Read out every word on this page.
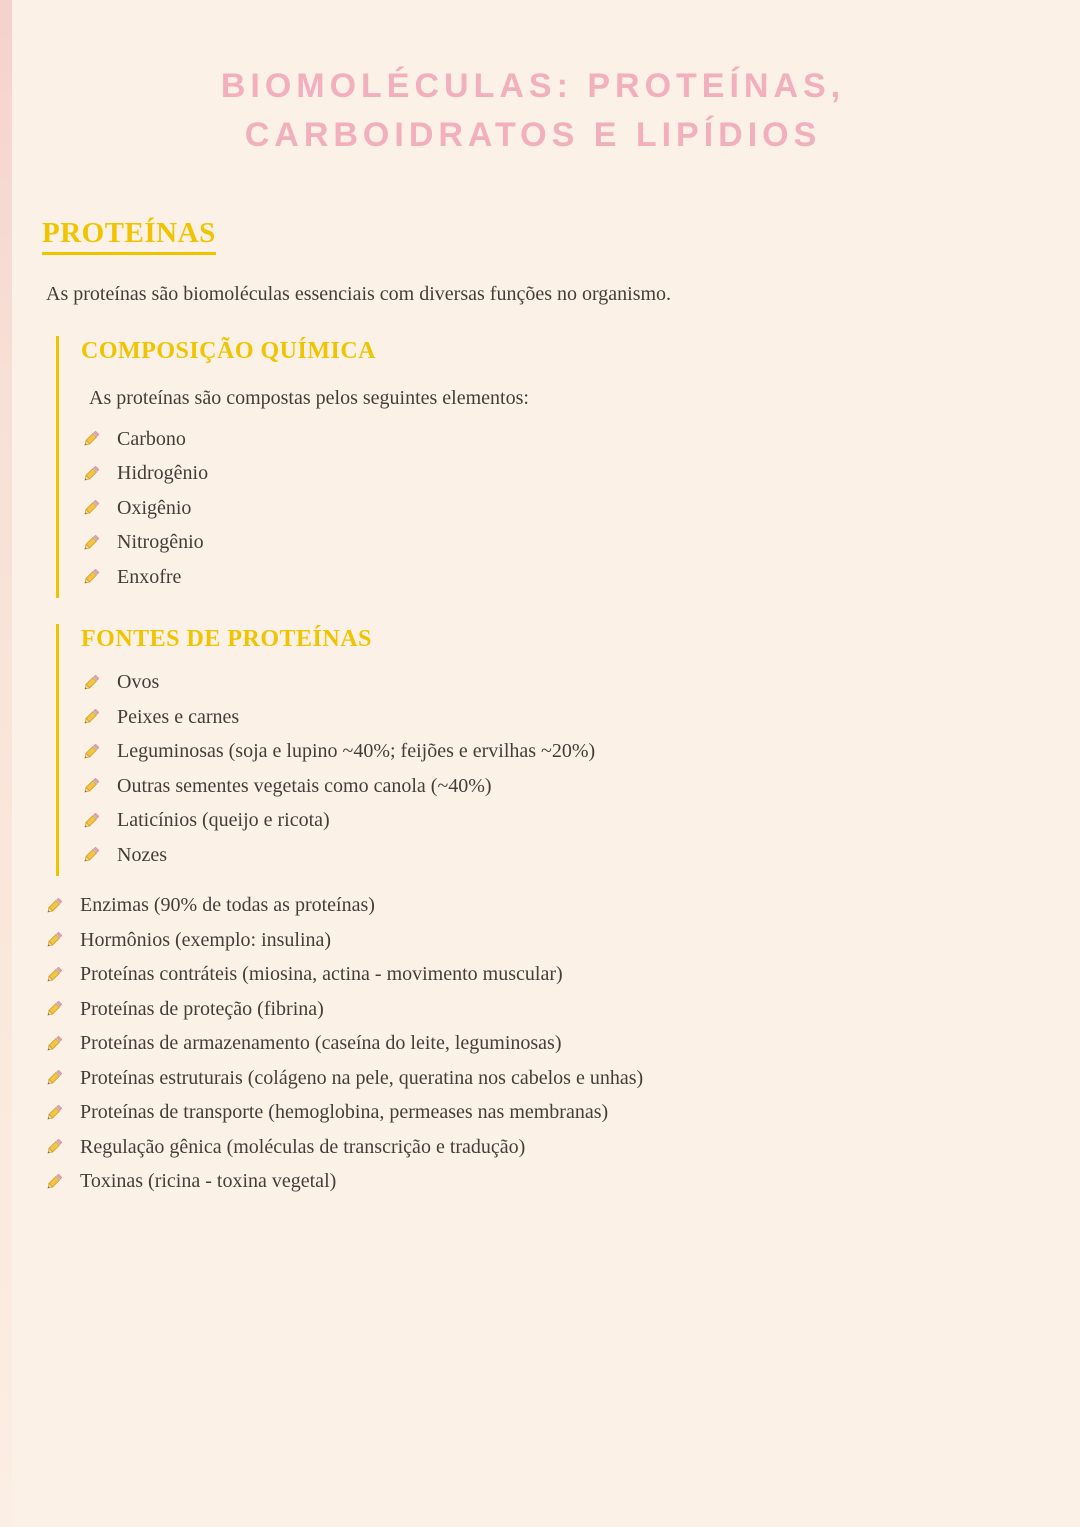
BIOMOLÉCULAS: PROTEÍNAS,
CARBOIDRATOS E LIPÍDIOS
PROTEÍNAS

As proteínas são biomoléculas essenciais com diversas funções no organismo.

COMPOSIÇÃO QUÍMICA

As proteínas são compostas pelos seguintes elementos:

Carbono
Hidrogênio
Oxigênio
Nitrogênio
Enxofre
FONTES DE PROTEÍNAS
Ovos
Peixes e carnes
Leguminosas (soja e lupino ~40%; feijões e ervilhas ~20%)
Outras sementes vegetais como canola (~40%)
Laticínios (queijo e ricota)
Nozes
Enzimas (90% de todas as proteínas)
Hormônios (exemplo: insulina)
Proteínas contráteis (miosina, actina - movimento muscular)
Proteínas de proteção (fibrina)
Proteínas de armazenamento (caseína do leite, leguminosas)
Proteínas estruturais (colágeno na pele, queratina nos cabelos e unhas)
Proteínas de transporte (hemoglobina, permeases nas membranas)
Regulação gênica (moléculas de transcrição e tradução)
Toxinas (ricina - toxina vegetal)
